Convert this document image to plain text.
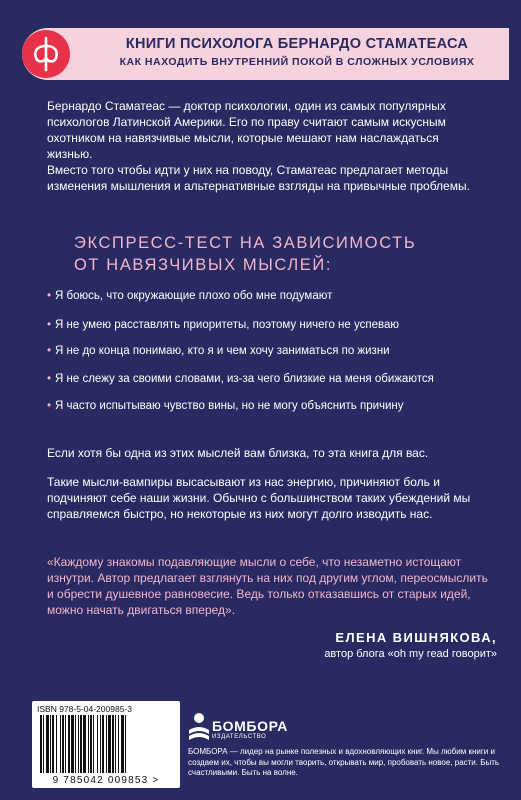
КНИГИ ПСИХОЛОГА БЕРНАРДО СТАМАТЕАСА
КАК НАХОДИТЬ ВНУТРЕННИЙ ПОКОЙ В СЛОЖНЫХ УСЛОВИЯХ
Бернардо Стаматеас — доктор психологии, один из самых популярных психологов Латинской Америки. Его по праву считают самым искусным охотником на навязчивые мысли, которые мешают нам наслаждаться жизнью.
Вместо того чтобы идти у них на поводу, Стаматеас предлагает методы изменения мышления и альтернативные взгляды на привычные проблемы.
ЭКСПРЕСС-ТЕСТ НА ЗАВИСИМОСТЬ
ОТ НАВЯЗЧИВЫХ МЫСЛЕЙ:
• Я боюсь, что окружающие плохо обо мне подумают
• Я не умею расставлять приоритеты, поэтому ничего не успеваю
• Я не до конца понимаю, кто я и чем хочу заниматься по жизни
• Я не слежу за своими словами, из-за чего близкие на меня обижаются
• Я часто испытываю чувство вины, но не могу объяснить причину
Если хотя бы одна из этих мыслей вам близка, то эта книга для вас.
Такие мысли-вампиры высасывают из нас энергию, причиняют боль и подчиняют себе наши жизни. Обычно с большинством таких убеждений мы справляемся быстро, но некоторые из них могут долго изводить нас.
«Каждому знакомы подавляющие мысли о себе, что незаметно истощают изнутри. Автор предлагает взглянуть на них под другим углом, переосмыслить и обрести душевное равновесие. Ведь только отказавшись от старых идей, можно начать двигаться вперед».
ЕЛЕНА ВИШНЯКОВА,
автор блога «oh my read говорит»
ISBN 978-5-04-200985-3
9 785042 009853 >
БОМБОРА
ИЗДАТЕЛЬСТВО
БОМБОРА — лидер на рынке полезных и вдохновляющих книг. Мы любим книги и создаем их, чтобы вы могли творить, открывать мир, пробовать новое, расти. Быть счастливыми. Быть на волне.
